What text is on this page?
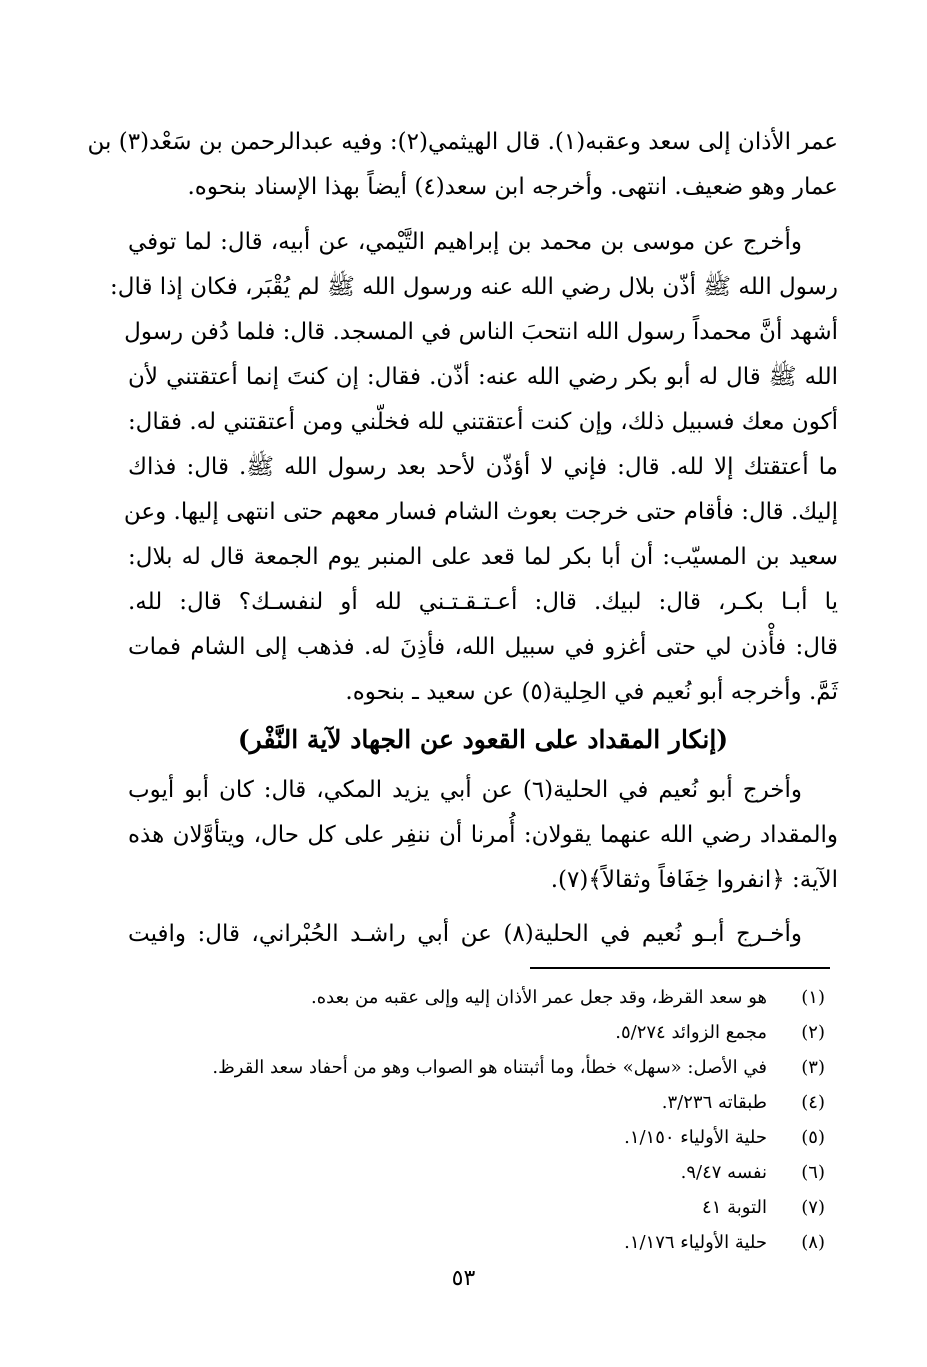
عمر الأذان إلى سعد وعقبه(١). قال الهيثمي(٢): وفيه عبدالرحمن بن سَعْد(٣) بن
عمار وهو ضعيف. انتهى. وأخرجه ابن سعد(٤) أيضاً بهذا الإسناد بنحوه.
وأخرج عن موسى بن محمد بن إبراهيم التَّيْمي، عن أبيه، قال: لما توفي
رسول الله ﷺ أذّن بلال رضي الله عنه ورسول الله ﷺ لم يُقْبَر، فكان إذا قال:
أشهد أنَّ محمداً رسول الله انتحبَ الناس في المسجد. قال: فلما دُفن رسول
الله ﷺ قال له أبو بكر رضي الله عنه: أذّن. فقال: إن كنتَ إنما أعتقتني لأن
أكون معك فسبيل ذلك، وإن كنت أعتقتني لله فخلّني ومن أعتقتني له. فقال:
ما أعتقتك إلا لله. قال: فإني لا أؤذّن لأحد بعد رسول الله ﷺ. قال: فذاك
إليك. قال: فأقام حتى خرجت بعوث الشام فسار معهم حتى انتهى إليها. وعن
سعيد بن المسيّب: أن أبا بكر لما قعد على المنبر يوم الجمعة قال له بلال:
يا أبـا بكـر، قال: لبيك. قال: أعـتـقـتـني لله أو لنفسـك؟ قال: لله.
قال: فأْذن لي حتى أغزو في سبيل الله، فأذِنَ له. فذهب إلى الشام فمات
ثَمَّ. وأخرجه أبو نُعيم في الحِلية(٥) عن سعيد ـ بنحوه.
(إنكار المقداد على القعود عن الجهاد لآية النَّفْر)
وأخرج أبو نُعيم في الحلية(٦) عن أبي يزيد المكي، قال: كان أبو أيوب
والمقداد رضي الله عنهما يقولان: أُمرنا أن ننفِر على كل حال، ويتأوَّلان هذه
الآية: ﴿انفروا خِفَافاً وثقالاً﴾(٧).
وأخـرج أبـو نُعيم في الحلية(٨) عن أبي راشـد الحُبْراني، قال: وافيت
(١)
هو سعد القرظ، وقد جعل عمر الأذان إليه وإلى عقبه من بعده.
(٢)
مجمع الزوائد ٥/٢٧٤.
(٣)
في الأصل: «سهل» خطأ، وما أثبتناه هو الصواب وهو من أحفاد سعد القرظ.
(٤)
طبقاته ٣/٢٣٦.
(٥)
حلية الأولياء ١/١٥٠.
(٦)
نفسه ٩/٤٧.
(٧)
التوبة ٤١
(٨)
حلية الأولياء ١/١٧٦.
٥٣
